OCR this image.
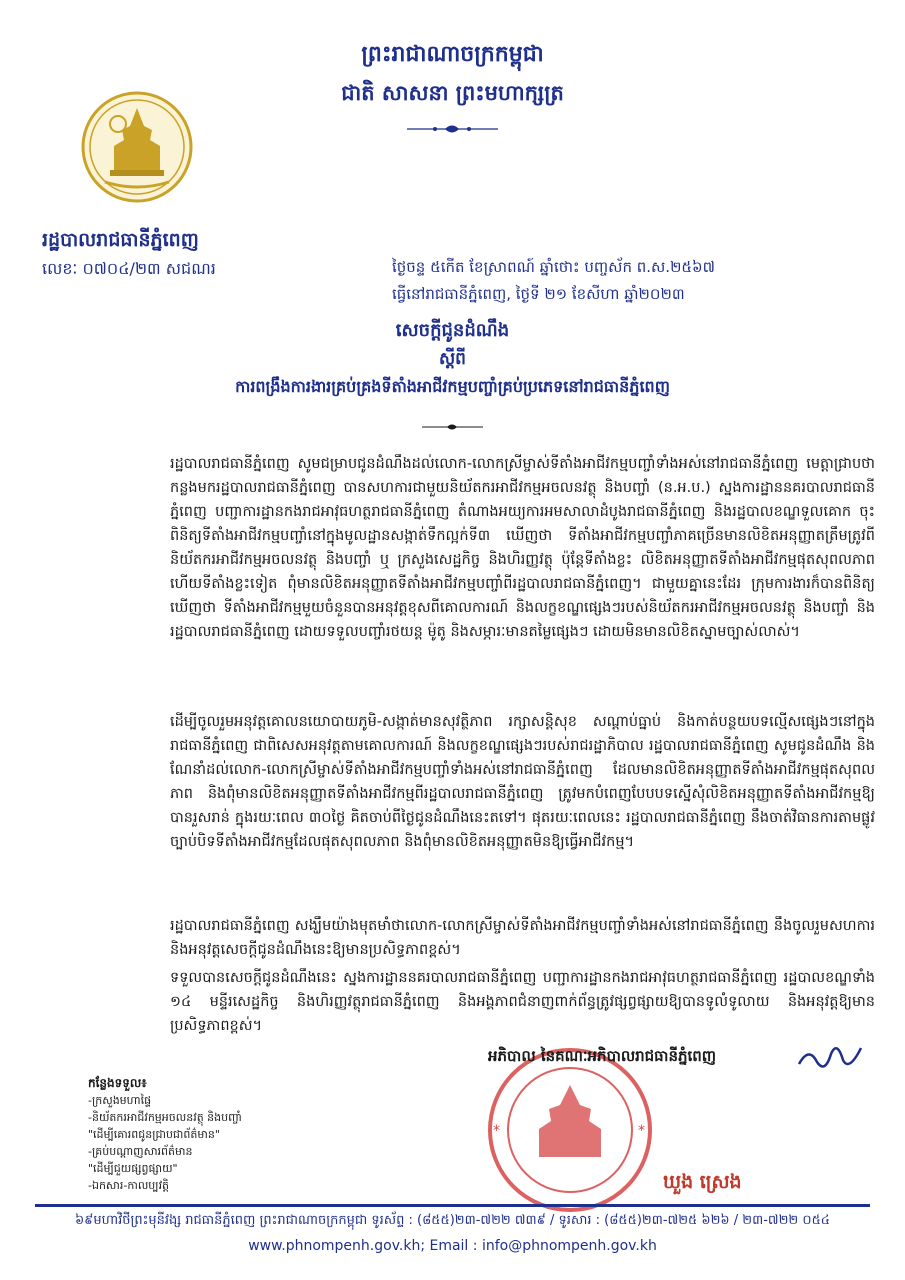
ព្រះរាជាណាចក្រកម្ពុជា
ជាតិ សាសនា ព្រះមហាក្សត្រ
រដ្ឋបាលរាជធានីភ្នំពេញ
លេខៈ ០៧០៤/២៣ សជណរ	ថ្ងៃចន្ទ ៥កើត ខែស្រាពណ៍ ឆ្នាំថោះ បញ្ចស័ក ព.ស.២៥៦៧
ធ្វើនៅរាជធានីភ្នំពេញ, ថ្ងៃទី ២១ ខែសីហា ឆ្នាំ២០២៣
សេចក្តីជូនដំណឹង
ស្តីពី
ការពង្រឹងការងារគ្រប់គ្រងទីតាំងអាជីវកម្មបញ្ចាំគ្រប់ប្រភេទនៅរាជធានីភ្នំពេញ

រដ្ឋបាលរាជធានីភ្នំពេញ សូមជម្រាបជូនដំណឹងដល់លោក-លោកស្រីម្ចាស់ទីតាំងអាជីវកម្មបញ្ចាំទាំងអស់នៅរាជធានីភ្នំពេញ មេត្តាជ្រាបថា កន្លងមករដ្ឋបាលរាជធានីភ្នំពេញ បានសហការជាមួយនិយ័តករអាជីវកម្មអចលនវត្ថុ និងបញ្ចាំ (ន.អ.ប.) ស្នងការដ្ឋាននគរបាលរាជធានីភ្នំពេញ បញ្ជាការដ្ឋានកងរាជអាវុធហត្ថរាជធានីភ្នំពេញ តំណាងអយ្យការអមសាលាដំបូងរាជធានីភ្នំពេញ និងរដ្ឋបាលខណ្ឌទួលគោក ចុះពិនិត្យទីតាំងអាជីវកម្មបញ្ចាំនៅក្នុងមូលដ្ឋានសង្កាត់ទឹកល្អក់ទី៣ ឃើញថា ទីតាំងអាជីវកម្មបញ្ចាំភាគច្រើនមានលិខិតអនុញ្ញាតត្រឹមត្រូវពីនិយ័តករអាជីវកម្មអចលនវត្ថុ និងបញ្ចាំ ឬ ក្រសួងសេដ្ឋកិច្ច និងហិរញ្ញវត្ថុ ប៉ុន្តែទីតាំងខ្លះ លិខិតអនុញ្ញាតទីតាំងអាជីវកម្មផុតសុពលភាព ហើយទីតាំងខ្លះទៀត ពុំមានលិខិតអនុញ្ញាតទីតាំងអាជីវកម្មបញ្ចាំពីរដ្ឋបាលរាជធានីភ្នំពេញ។ ជាមួយគ្នានេះដែរ ក្រុមការងារក៏បានពិនិត្យឃើញថា ទីតាំងអាជីវកម្មមួយចំនួនបានអនុវត្តខុសពីគោលការណ៍ និងលក្ខខណ្ឌផ្សេងៗរបស់និយ័តករអាជីវកម្មអចលនវត្ថុ និងបញ្ចាំ និងរដ្ឋបាលរាជធានីភ្នំពេញ ដោយទទួលបញ្ចាំរថយន្ត ម៉ូតូ និងសម្ភារៈមានតម្លៃផ្សេងៗ ដោយមិនមានលិខិតស្នាមច្បាស់លាស់។

ដើម្បីចូលរួមអនុវត្តគោលនយោបាយភូមិ-សង្កាត់មានសុវត្ថិភាព រក្សាសន្តិសុខ សណ្តាប់ធ្នាប់ និងកាត់បន្ថយបទល្មើសផ្សេងៗនៅក្នុងរាជធានីភ្នំពេញ ជាពិសេសអនុវត្តតាមគោលការណ៍ និងលក្ខខណ្ឌផ្សេងៗរបស់រាជរដ្ឋាភិបាល រដ្ឋបាលរាជធានីភ្នំពេញ សូមជូនដំណឹង និងណែនាំដល់លោក-លោកស្រីម្ចាស់ទីតាំងអាជីវកម្មបញ្ចាំទាំងអស់នៅរាជធានីភ្នំពេញ ដែលមានលិខិតអនុញ្ញាតទីតាំងអាជីវកម្មផុតសុពលភាព និងពុំមានលិខិតអនុញ្ញាតទីតាំងអាជីវកម្មពីរដ្ឋបាលរាជធានីភ្នំពេញ ត្រូវមកបំពេញបែបបទស្នើសុំលិខិតអនុញ្ញាតទីតាំងអាជីវកម្មឱ្យបានរួសរាន់ ក្នុងរយៈពេល ៣០ថ្ងៃ គិតចាប់ពីថ្ងៃជូនដំណឹងនេះតទៅ។ ផុតរយៈពេលនេះ រដ្ឋបាលរាជធានីភ្នំពេញ នឹងចាត់វិធានការតាមផ្លូវច្បាប់បិទទីតាំងអាជីវកម្មដែលផុតសុពលភាព និងពុំមានលិខិតអនុញ្ញាតមិនឱ្យធ្វើអាជីវកម្ម។

រដ្ឋបាលរាជធានីភ្នំពេញ សង្ឃឹមយ៉ាងមុតមាំថាលោក-លោកស្រីម្ចាស់ទីតាំងអាជីវកម្មបញ្ចាំទាំងអស់នៅរាជធានីភ្នំពេញ នឹងចូលរួមសហការ និងអនុវត្តសេចក្តីជូនដំណឹងនេះឱ្យមានប្រសិទ្ធភាពខ្ពស់។

ទទួលបានសេចក្តីជូនដំណឹងនេះ ស្នងការដ្ឋាននគរបាលរាជធានីភ្នំពេញ បញ្ជាការដ្ឋានកងរាជអាវុធហត្ថរាជធានីភ្នំពេញ រដ្ឋបាលខណ្ឌទាំង ១៤ មន្ទីរសេដ្ឋកិច្ច និងហិរញ្ញវត្ថុរាជធានីភ្នំពេញ និងអង្គភាពជំនាញពាក់ព័ន្ធត្រូវផ្សព្វផ្សាយឱ្យបានទូលំទូលាយ និងអនុវត្តឱ្យមានប្រសិទ្ធភាពខ្ពស់។

*	*
អភិបាល នៃគណៈអភិបាលរាជធានីភ្នំពេញ
ឃួង ស្រេង
កន្លែងទទួល៖
-ក្រសួងមហាផ្ទៃ
-និយ័តករអាជីវកម្មអចលនវត្ថុ និងបញ្ចាំ
"ដើម្បីគោរពជូនជ្រាបជាព័ត៌មាន"
-គ្រប់បណ្តាញសារព័ត៌មាន
"ដើម្បីជួយផ្សព្វផ្សាយ"
-ឯកសារ-កាលប្បវត្តិ
៦៩មហាវិថីព្រះមុនីវង្ស រាជធានីភ្នំពេញ ព្រះរាជាណាចក្រកម្ពុជា ទូរស័ព្ទ : (៨៥៥)២៣-៧២២ ៧៣៩ / ទូរសារ : (៨៥៥)២៣-៧២៥ ៦២៦ / ២៣-៧២២ ០៥៤
www.phnompenh.gov.kh; Email : info@phnompenh.gov.kh
